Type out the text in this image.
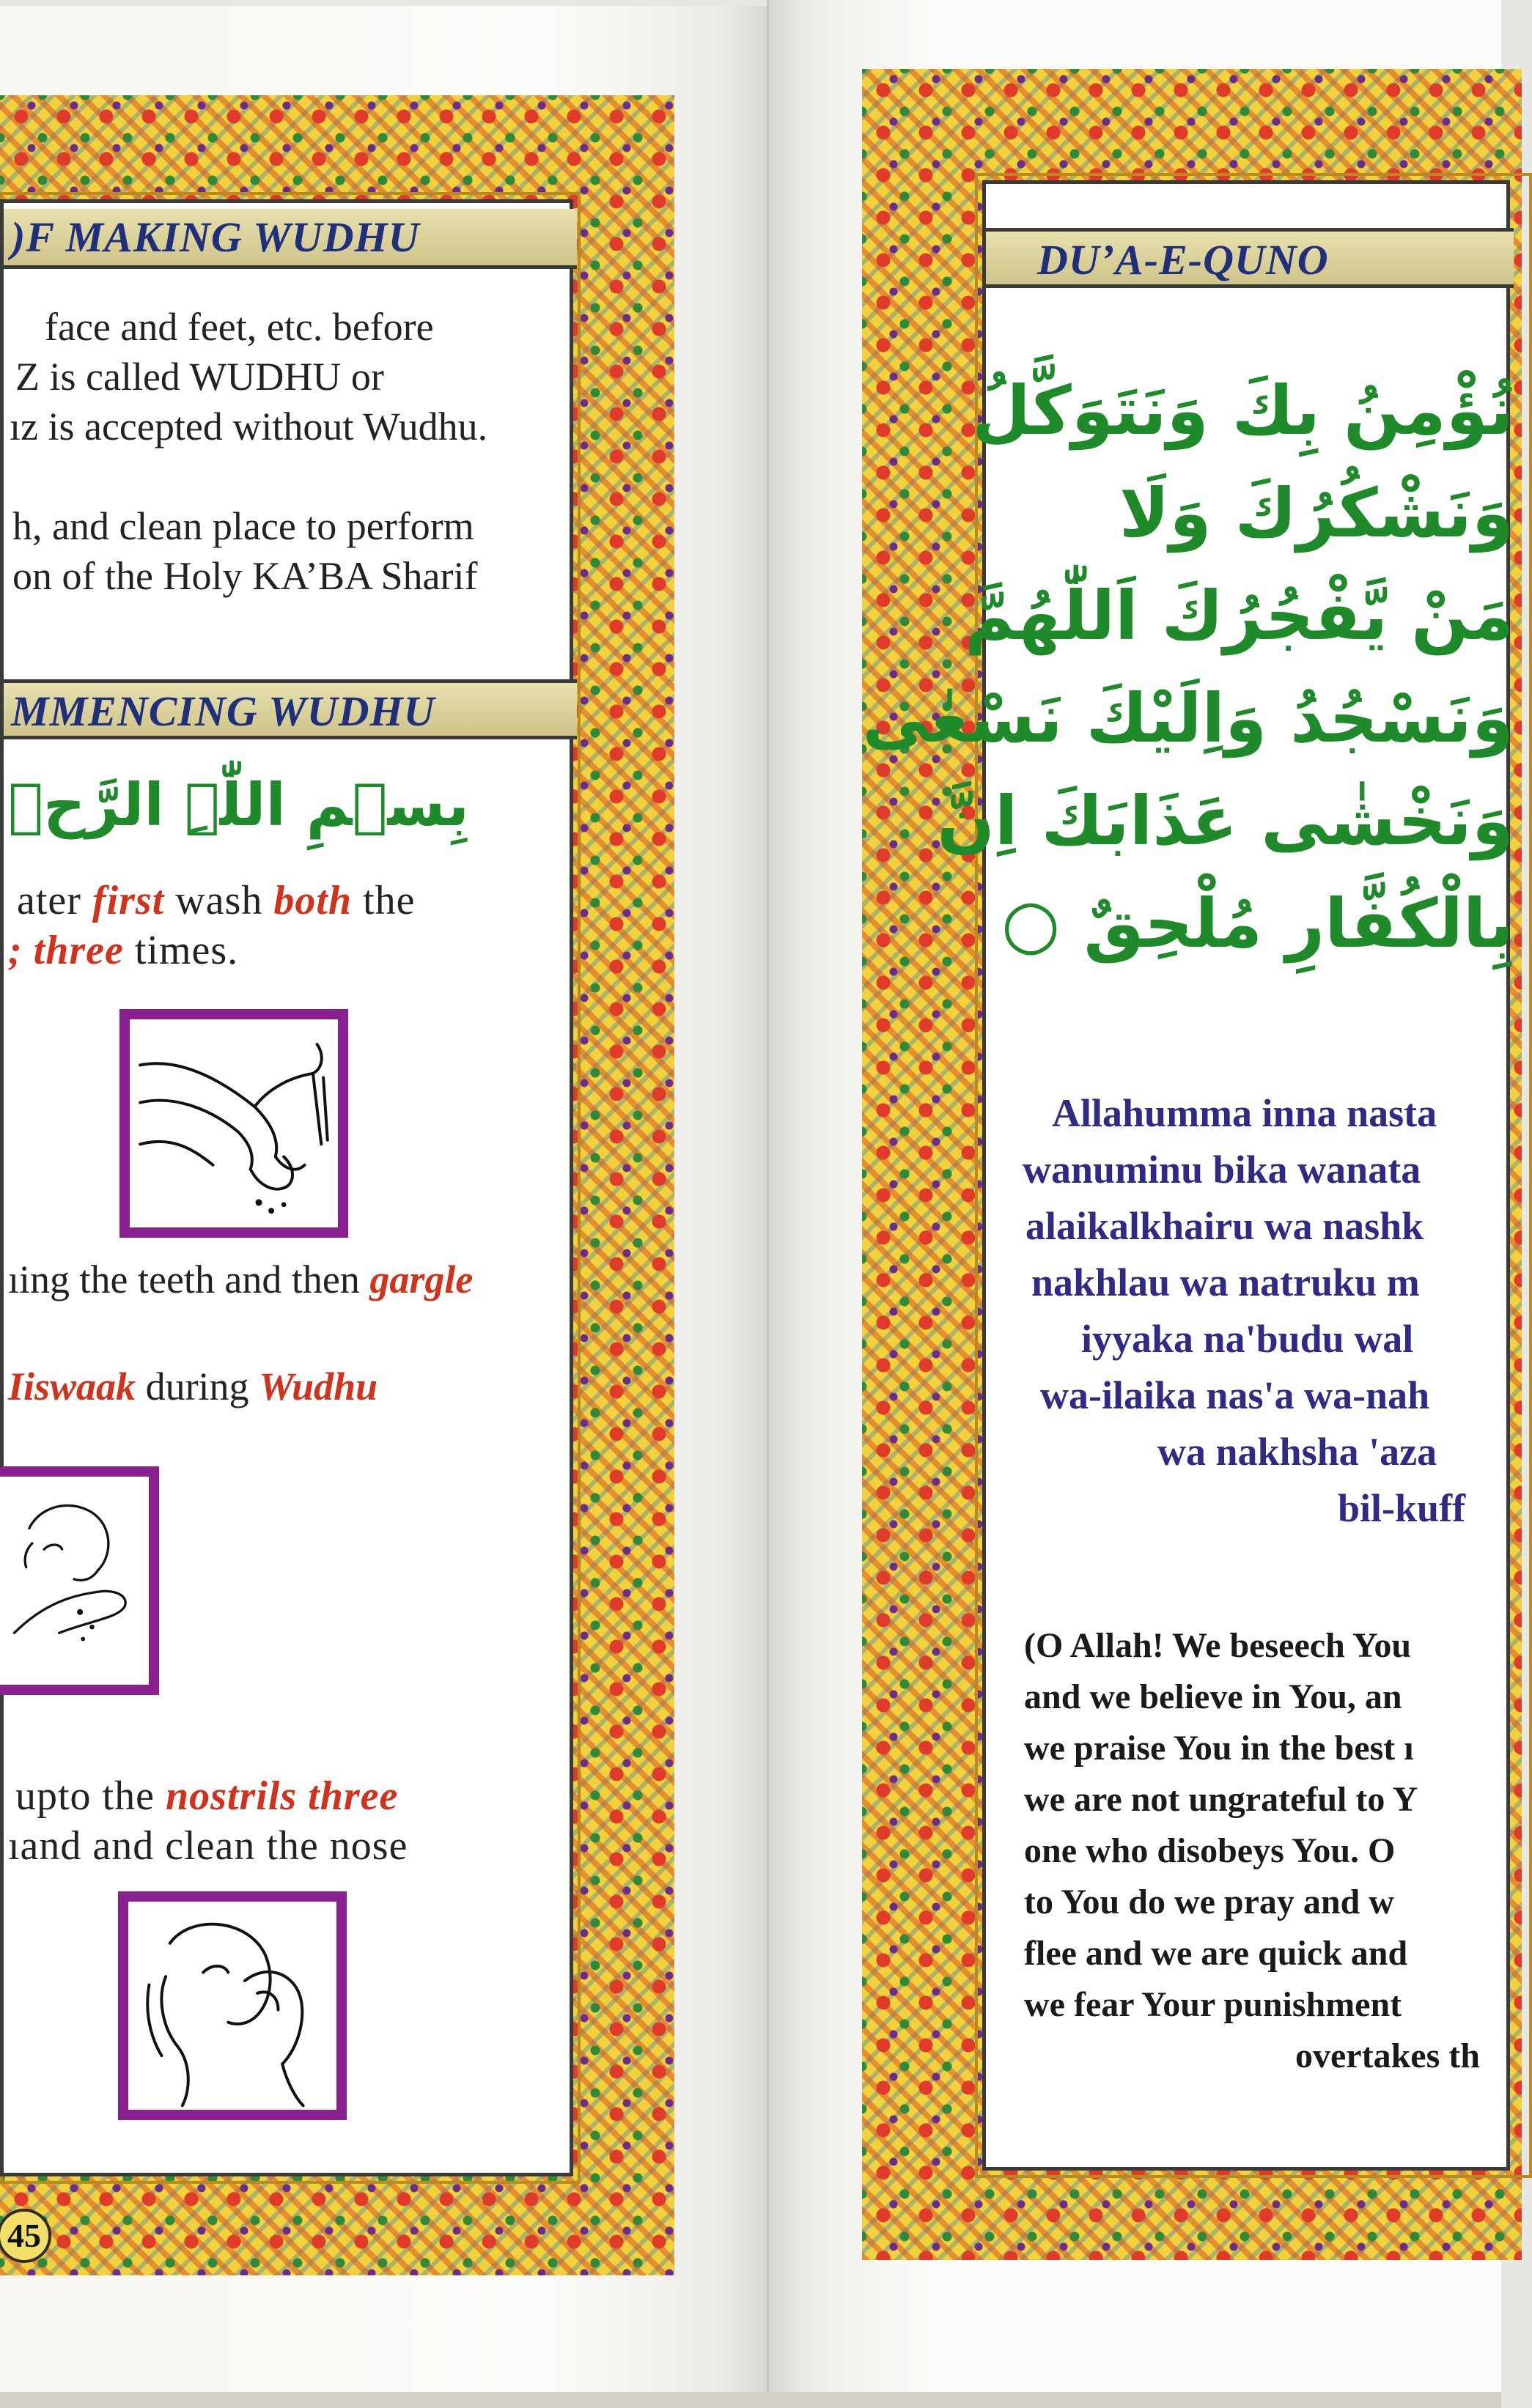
)F MAKING WUDHU
face and feet, etc. before
Z is called WUDHU or
ız is accepted without Wudhu.
h, and clean place to perform
on of the Holy KA’BA Sharif
MMENCING WUDHU
بِسۡمِ اللّٰہِ الرَّحۡ
ater first wash both the
; three times.
ıing the teeth and then gargle
Iiswaak during Wudhu
upto the nostrils three
ıand and clean the nose
45
DU’A-E-QUNO
نُؤْمِنُ بِكَ وَنَتَوَكَّلُ
وَنَشْكُرُكَ وَلَا
مَنْ يَّفْجُرُكَ اَللّٰهُمَّ
وَنَسْجُدُ وَاِلَيْكَ نَسْعٰى
وَنَخْشٰى عَذَابَكَ اِنَّ
بِالْكُفَّارِ مُلْحِقٌ ○
Allahumma inna nasta
wanuminu bika wanata
alaikalkhairu wa nashk
nakhlau wa natruku m
iyyaka na'budu wal
wa-ilaika nas'a wa-nah
wa nakhsha 'aza
bil-kuff
(O Allah! We beseech You
and we believe in You, an
we praise You in the best ı
we are not ungrateful to Y
one who disobeys You. O
to You do we pray and w
flee and we are quick and
we fear Your punishment
overtakes th
